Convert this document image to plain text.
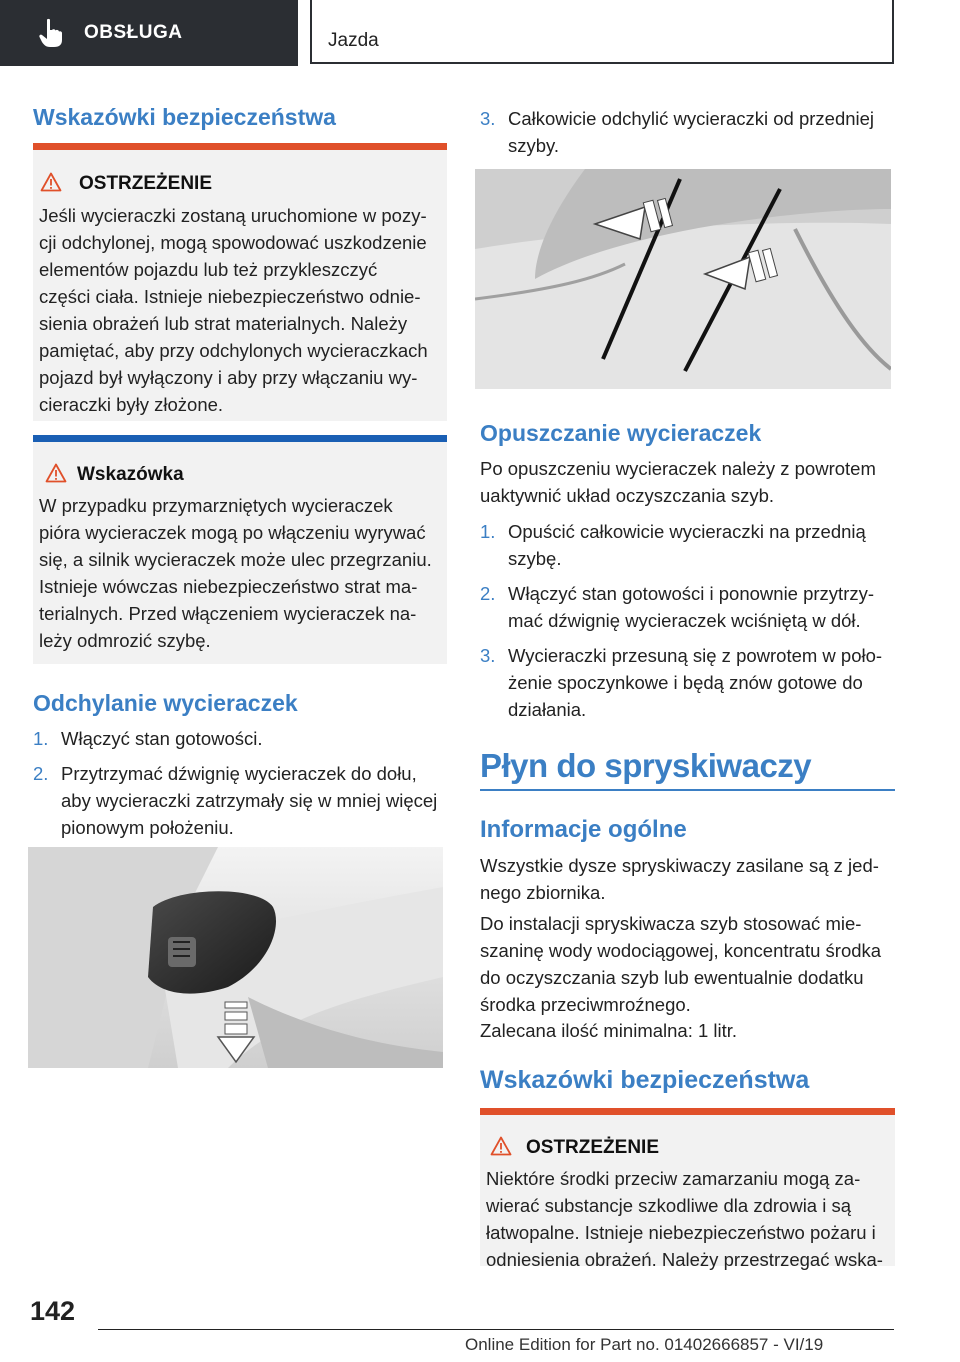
OBSŁUGA	Jazda
Wskazówki bezpieczeństwa
OSTRZEŻENIE

Jeśli wycieraczki zostaną uruchomione w pozy‐
cji odchylonej, mogą spowodować uszkodzenie
elementów pojazdu lub też przykleszczyć
części ciała. Istnieje niebezpieczeństwo odnie‐
sienia obrażeń lub strat materialnych. Należy
pamiętać, aby przy odchylonych wycieraczkach
pojazd był wyłączony i aby przy włączaniu wy‐
cieraczki były złożone.

Wskazówka

W przypadku przymarzniętych wycieraczek
pióra wycieraczek mogą po włączeniu wyrywać
się, a silnik wycieraczek może ulec przegrzaniu.
Istnieje wówczas niebezpieczeństwo strat ma‐
terialnych. Przed włączeniem wycieraczek na‐
leży odmrozić szybę.

Odchylanie wycieraczek
1. Włączyć stan gotowości.
2. Przytrzymać dźwignię wycieraczek do dołu,
aby wycieraczki zatrzymały się w mniej więcej
pionowym położeniu.
3. Całkowicie odchylić wycieraczki od przedniej
szyby.
Opuszczanie wycieraczek

Po opuszczeniu wycieraczek należy z powrotem
uaktywnić układ oczyszczania szyb.

1. Opuścić całkowicie wycieraczki na przednią
szybę.
2. Włączyć stan gotowości i ponownie przytrzy‐
mać dźwignię wycieraczek wciśniętą w dół.
3. Wycieraczki przesuną się z powrotem w poło‐
żenie spoczynkowe i będą znów gotowe do
działania.
Płyn do spryskiwaczy
Informacje ogólne

Wszystkie dysze spryskiwaczy zasilane są z jed‐
nego zbiornika.

Do instalacji spryskiwacza szyb stosować mie‐
szaninę wody wodociągowej, koncentratu środka
do oczyszczania szyb lub ewentualnie dodatku
środka przeciwmroźnego.

Zalecana ilość minimalna: 1 litr.

Wskazówki bezpieczeństwa
OSTRZEŻENIE

Niektóre środki przeciw zamarzaniu mogą za‐
wierać substancje szkodliwe dla zdrowia i są
łatwopalne. Istnieje niebezpieczeństwo pożaru i
odniesienia obrażeń. Należy przestrzegać wska‐

142
Online Edition for Part no. 01402666857 - VI/19
